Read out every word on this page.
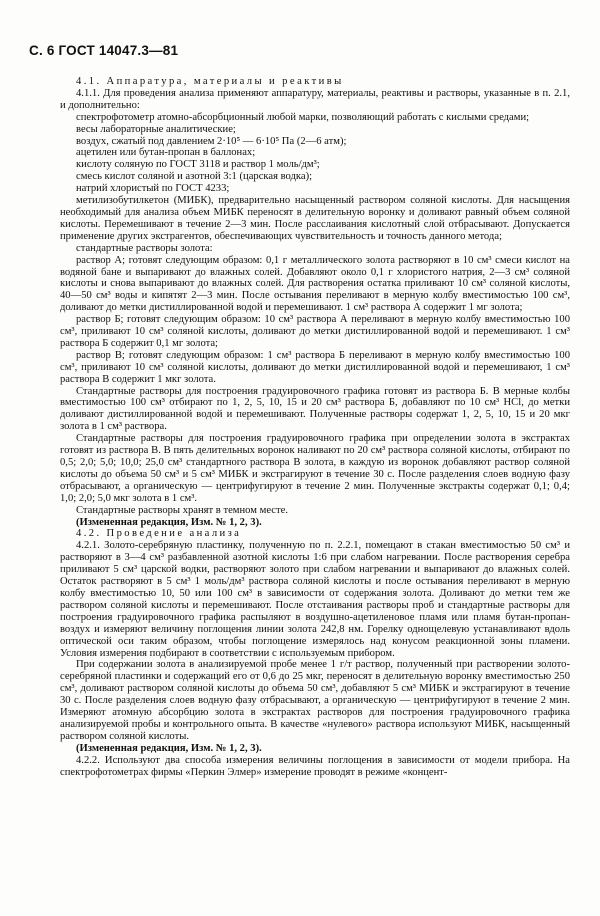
С. 6 ГОСТ 14047.3—81

4.1. Аппаратура, материалы и реактивы

4.1.1. Для проведения анализа применяют аппаратуру, материалы, реактивы и растворы, указанные в п. 2.1, и дополнительно:

спектрофотометр атомно-абсорбционный любой марки, позволяющий работать с кислыми средами;

весы лабораторные аналитические;

воздух, сжатый под давлением 2·10⁵ — 6·10⁵ Па (2—6 атм);

ацетилен или бутан-пропан в баллонах;

кислоту соляную по ГОСТ 3118 и раствор 1 моль/дм³;

смесь кислот соляной и азотной 3:1 (царская водка);

натрий хлористый по ГОСТ 4233;

метилизобутилкетон (МИБК), предварительно насыщенный раствором соляной кислоты. Для насыщения необходимый для анализа объем МИБК переносят в делительную воронку и доливают равный объем соляной кислоты. Перемешивают в течение 2—3 мин. После расслаивания кислотный слой отбрасывают. Допускается применение других экстрагентов, обеспечивающих чувствительность и точность данного метода;

стандартные растворы золота:

раствор А; готовят следующим образом: 0,1 г металлического золота растворяют в 10 см³ смеси кислот на водяной бане и выпаривают до влажных солей. Добавляют около 0,1 г хлористого натрия, 2—3 см³ соляной кислоты и снова выпаривают до влажных солей. Для растворения остатка приливают 10 см³ соляной кислоты, 40—50 см³ воды и кипятят 2—3 мин. После остывания переливают в мерную колбу вместимостью 100 см³, доливают до метки дистиллированной водой и перемешивают. 1 см³ раствора А содержит 1 мг золота;

раствор Б; готовят следующим образом: 10 см³ раствора А переливают в мерную колбу вместимостью 100 см³, приливают 10 см³ соляной кислоты, доливают до метки дистиллированной водой и перемешивают. 1 см³ раствора Б содержит 0,1 мг золота;

раствор В; готовят следующим образом: 1 см³ раствора Б переливают в мерную колбу вместимостью 100 см³, приливают 10 см³ соляной кислоты, доливают до метки дистиллированной водой и перемешивают, 1 см³ раствора В содержит 1 мкг золота.

Стандартные растворы для построения градуировочного графика готовят из раствора Б. В мерные колбы вместимостью 100 см³ отбирают по 1, 2, 5, 10, 15 и 20 см³ раствора Б, добавляют по 10 см³ HCl, до метки доливают дистиллированной водой и перемешивают. Полученные растворы содержат 1, 2, 5, 10, 15 и 20 мкг золота в 1 см³ раствора.

Стандартные растворы для построения градуировочного графика при определении золота в экстрактах готовят из раствора В. В пять делительных воронок наливают по 20 см³ раствора соляной кислоты, отбирают по 0,5; 2,0; 5,0; 10,0; 25,0 см³ стандартного раствора В золота, в каждую из воронок добавляют раствор соляной кислоты до объема 50 см³ и 5 см³ МИБК и экстрагируют в течение 30 с. После разделения слоев водную фазу отбрасывают, а органическую — центрифугируют в течение 2 мин. Полученные экстракты содержат 0,1; 0,4; 1,0; 2,0; 5,0 мкг золота в 1 см³.

Стандартные растворы хранят в темном месте.

(Измененная редакция, Изм. № 1, 2, 3).

4.2. Проведение анализа

4.2.1. Золото-серебряную пластинку, полученную по п. 2.2.1, помещают в стакан вместимостью 50 см³ и растворяют в 3—4 см³ разбавленной азотной кислоты 1:6 при слабом нагревании. После растворения серебра приливают 5 см³ царской водки, растворяют золото при слабом нагревании и выпаривают до влажных солей. Остаток растворяют в 5 см³ 1 моль/дм³ раствора соляной кислоты и после остывания переливают в мерную колбу вместимостью 10, 50 или 100 см³ в зависимости от содержания золота. Доливают до метки тем же раствором соляной кислоты и перемешивают. После отстаивания растворы проб и стандартные растворы для построения градуировочного графика распыляют в воздушно-ацетиленовое пламя или пламя бутан-пропан-воздух и измеряют величину поглощения линии золота 242,8 нм. Горелку однощелевую устанавливают вдоль оптической оси таким образом, чтобы поглощение измерялось над конусом реакционной зоны пламени. Условия измерения подбирают в соответствии с используемым прибором.

При содержании золота в анализируемой пробе менее 1 г/т раствор, полученный при растворении золото-серебряной пластинки и содержащий его от 0,6 до 25 мкг, переносят в делительную воронку вместимостью 250 см³, доливают раствором соляной кислоты до объема 50 см³, добавляют 5 см³ МИБК и экстрагируют в течение 30 с. После разделения слоев водную фазу отбрасывают, а органическую — центрифугируют в течение 2 мин. Измеряют атомную абсорбцию золота в экстрактах растворов для построения градуировочного графика анализируемой пробы и контрольного опыта. В качестве «нулевого» раствора используют МИБК, насыщенный раствором соляной кислоты.

(Измененная редакция, Изм. № 1, 2, 3).

4.2.2. Используют два способа измерения величины поглощения в зависимости от модели прибора. На спектрофотометрах фирмы «Перкин Элмер» измерение проводят в режиме «концент-
